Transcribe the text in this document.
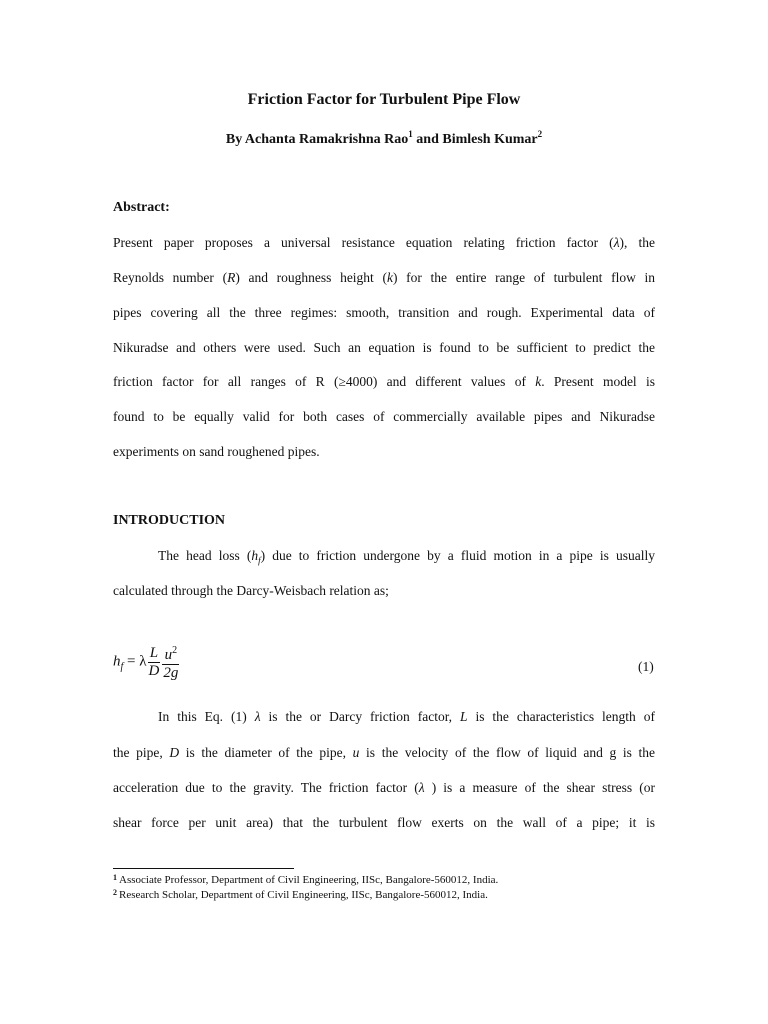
Friction Factor for Turbulent Pipe Flow
By Achanta Ramakrishna Rao$^1$ and Bimlesh Kumar$^2$
Abstract:
Present paper proposes a universal resistance equation relating friction factor (λ), the
Reynolds number (R) and roughness height (k) for the entire range of turbulent flow in
pipes covering all the three regimes: smooth, transition and rough. Experimental data of
Nikuradse and others were used. Such an equation is found to be sufficient to predict the
friction factor for all ranges of R (≥4000) and different values of k. Present model is
found to be equally valid for both cases of commercially available pipes and Nikuradse
experiments on sand roughened pipes.
INTRODUCTION
The head loss $(h_f)$ due to friction undergone by a fluid motion in a pipe is usually
calculated through the Darcy-Weisbach relation as;
$h_f = \lambda \frac{L}{D} \frac{u^2}{2g}$	(1)
In this Eq. (1) λ is the or Darcy friction factor, L is the characteristics length of
the pipe, D is the diameter of the pipe, u is the velocity of the flow of liquid and g is the
acceleration due to the gravity. The friction factor (λ ) is a measure of the shear stress (or
shear force per unit area) that the turbulent flow exerts on the wall of a pipe; it is
$^1$ Associate Professor, Department of Civil Engineering, IISc, Bangalore-560012, India.
$^2$ Research Scholar, Department of Civil Engineering, IISc, Bangalore-560012, India.
